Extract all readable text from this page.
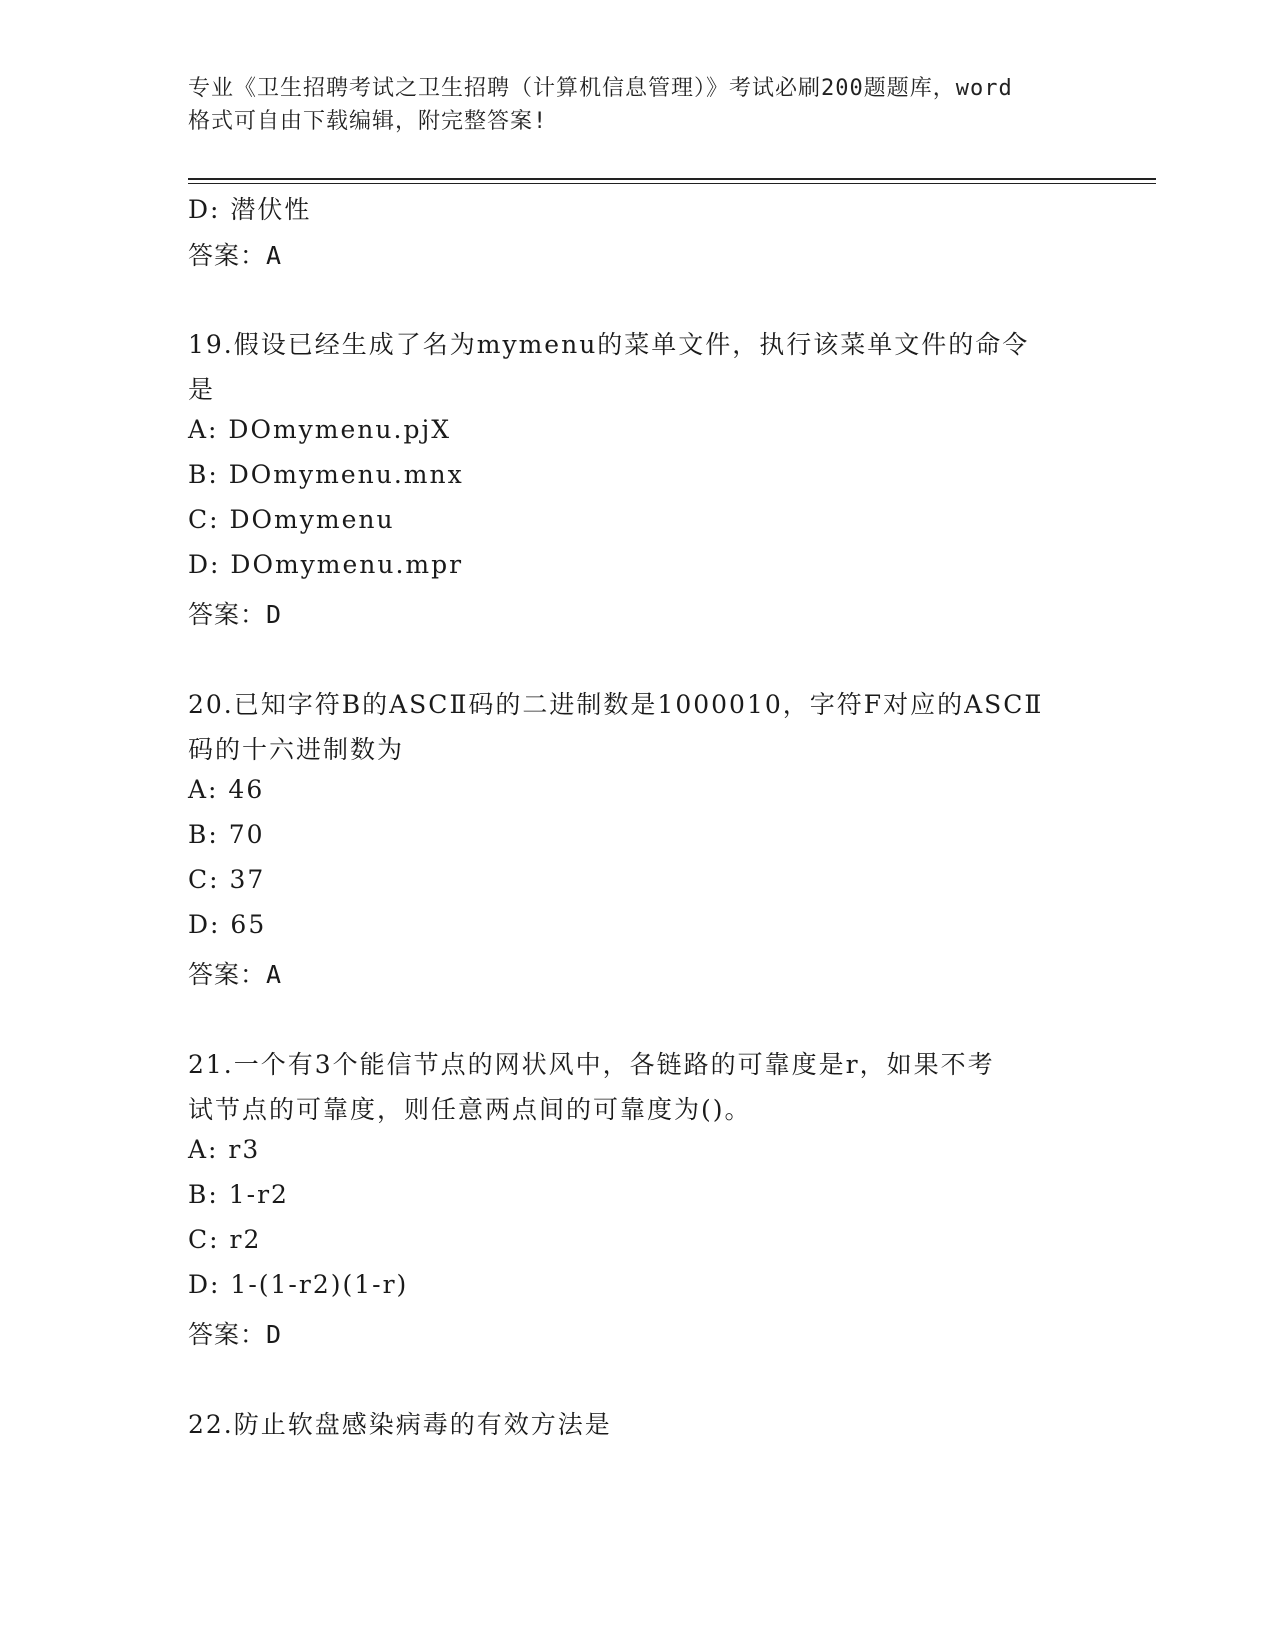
专业《卫生招聘考试之卫生招聘（计算机信息管理）》考试必刷200题题库，word
格式可自由下载编辑，附完整答案!
D: 潜伏性
答案：A
19.假设已经生成了名为mymenu的菜单文件，执行该菜单文件的命令
是
A: DOmymenu.pjX
B: DOmymenu.mnx
C: DOmymenu
D: DOmymenu.mpr
答案：D
20.已知字符B的ASCⅡ码的二进制数是1000010，字符F对应的ASCⅡ
码的十六进制数为
A: 46
B: 70
C: 37
D: 65
答案：A
21.一个有3个能信节点的网状风中，各链路的可靠度是r，如果不考
试节点的可靠度，则任意两点间的可靠度为()。
A: r3
B: 1-r2
C: r2
D: 1-(1-r2)(1-r)
答案：D
22.防止软盘感染病毒的有效方法是
